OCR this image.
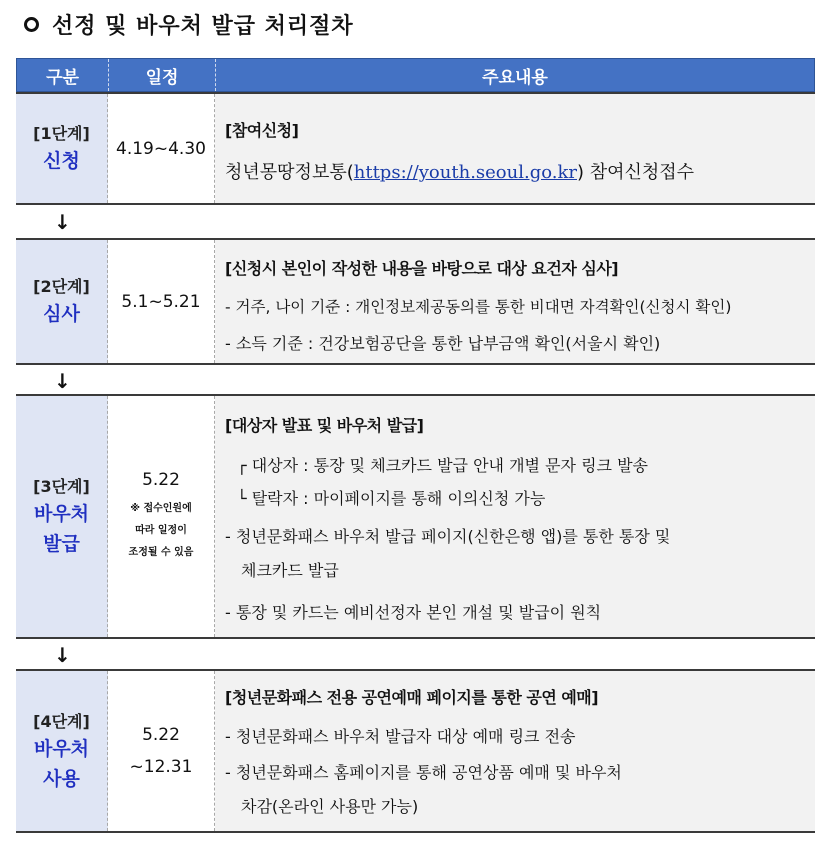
선정 및 바우처 발급 처리절차
구분	일정	주요내용
[1단계]
신청
4.19~4.30
[참여신청]
청년몽땅정보통(https://youth.seoul.go.kr) 참여신청접수
↓
[2단계]
심사
5.1~5.21
[신청시 본인이 작성한 내용을 바탕으로 대상 요건자 심사]
- 거주, 나이 기준 : 개인정보제공동의를 통한 비대면 자격확인(신청시 확인)
- 소득 기준 : 건강보험공단을 통한 납부금액 확인(서울시 확인)
↓
[3단계]
바우처
발급
5.22
※ 접수인원에
따라 일정이
조정될 수 있음
[대상자 발표 및 바우처 발급]
┌ 대상자 : 통장 및 체크카드 발급 안내 개별 문자 링크 발송
└ 탈락자 : 마이페이지를 통해 이의신청 가능
- 청년문화패스 바우처 발급 페이지(신한은행 앱)를 통한 통장 및
체크카드 발급
- 통장 및 카드는 예비선정자 본인 개설 및 발급이 원칙
↓
[4단계]
바우처
사용
5.22
~12.31
[청년문화패스 전용 공연예매 페이지를 통한 공연 예매]
- 청년문화패스 바우처 발급자 대상 예매 링크 전송
- 청년문화패스 홈페이지를 통해 공연상품 예매 및 바우처
차감(온라인 사용만 가능)
